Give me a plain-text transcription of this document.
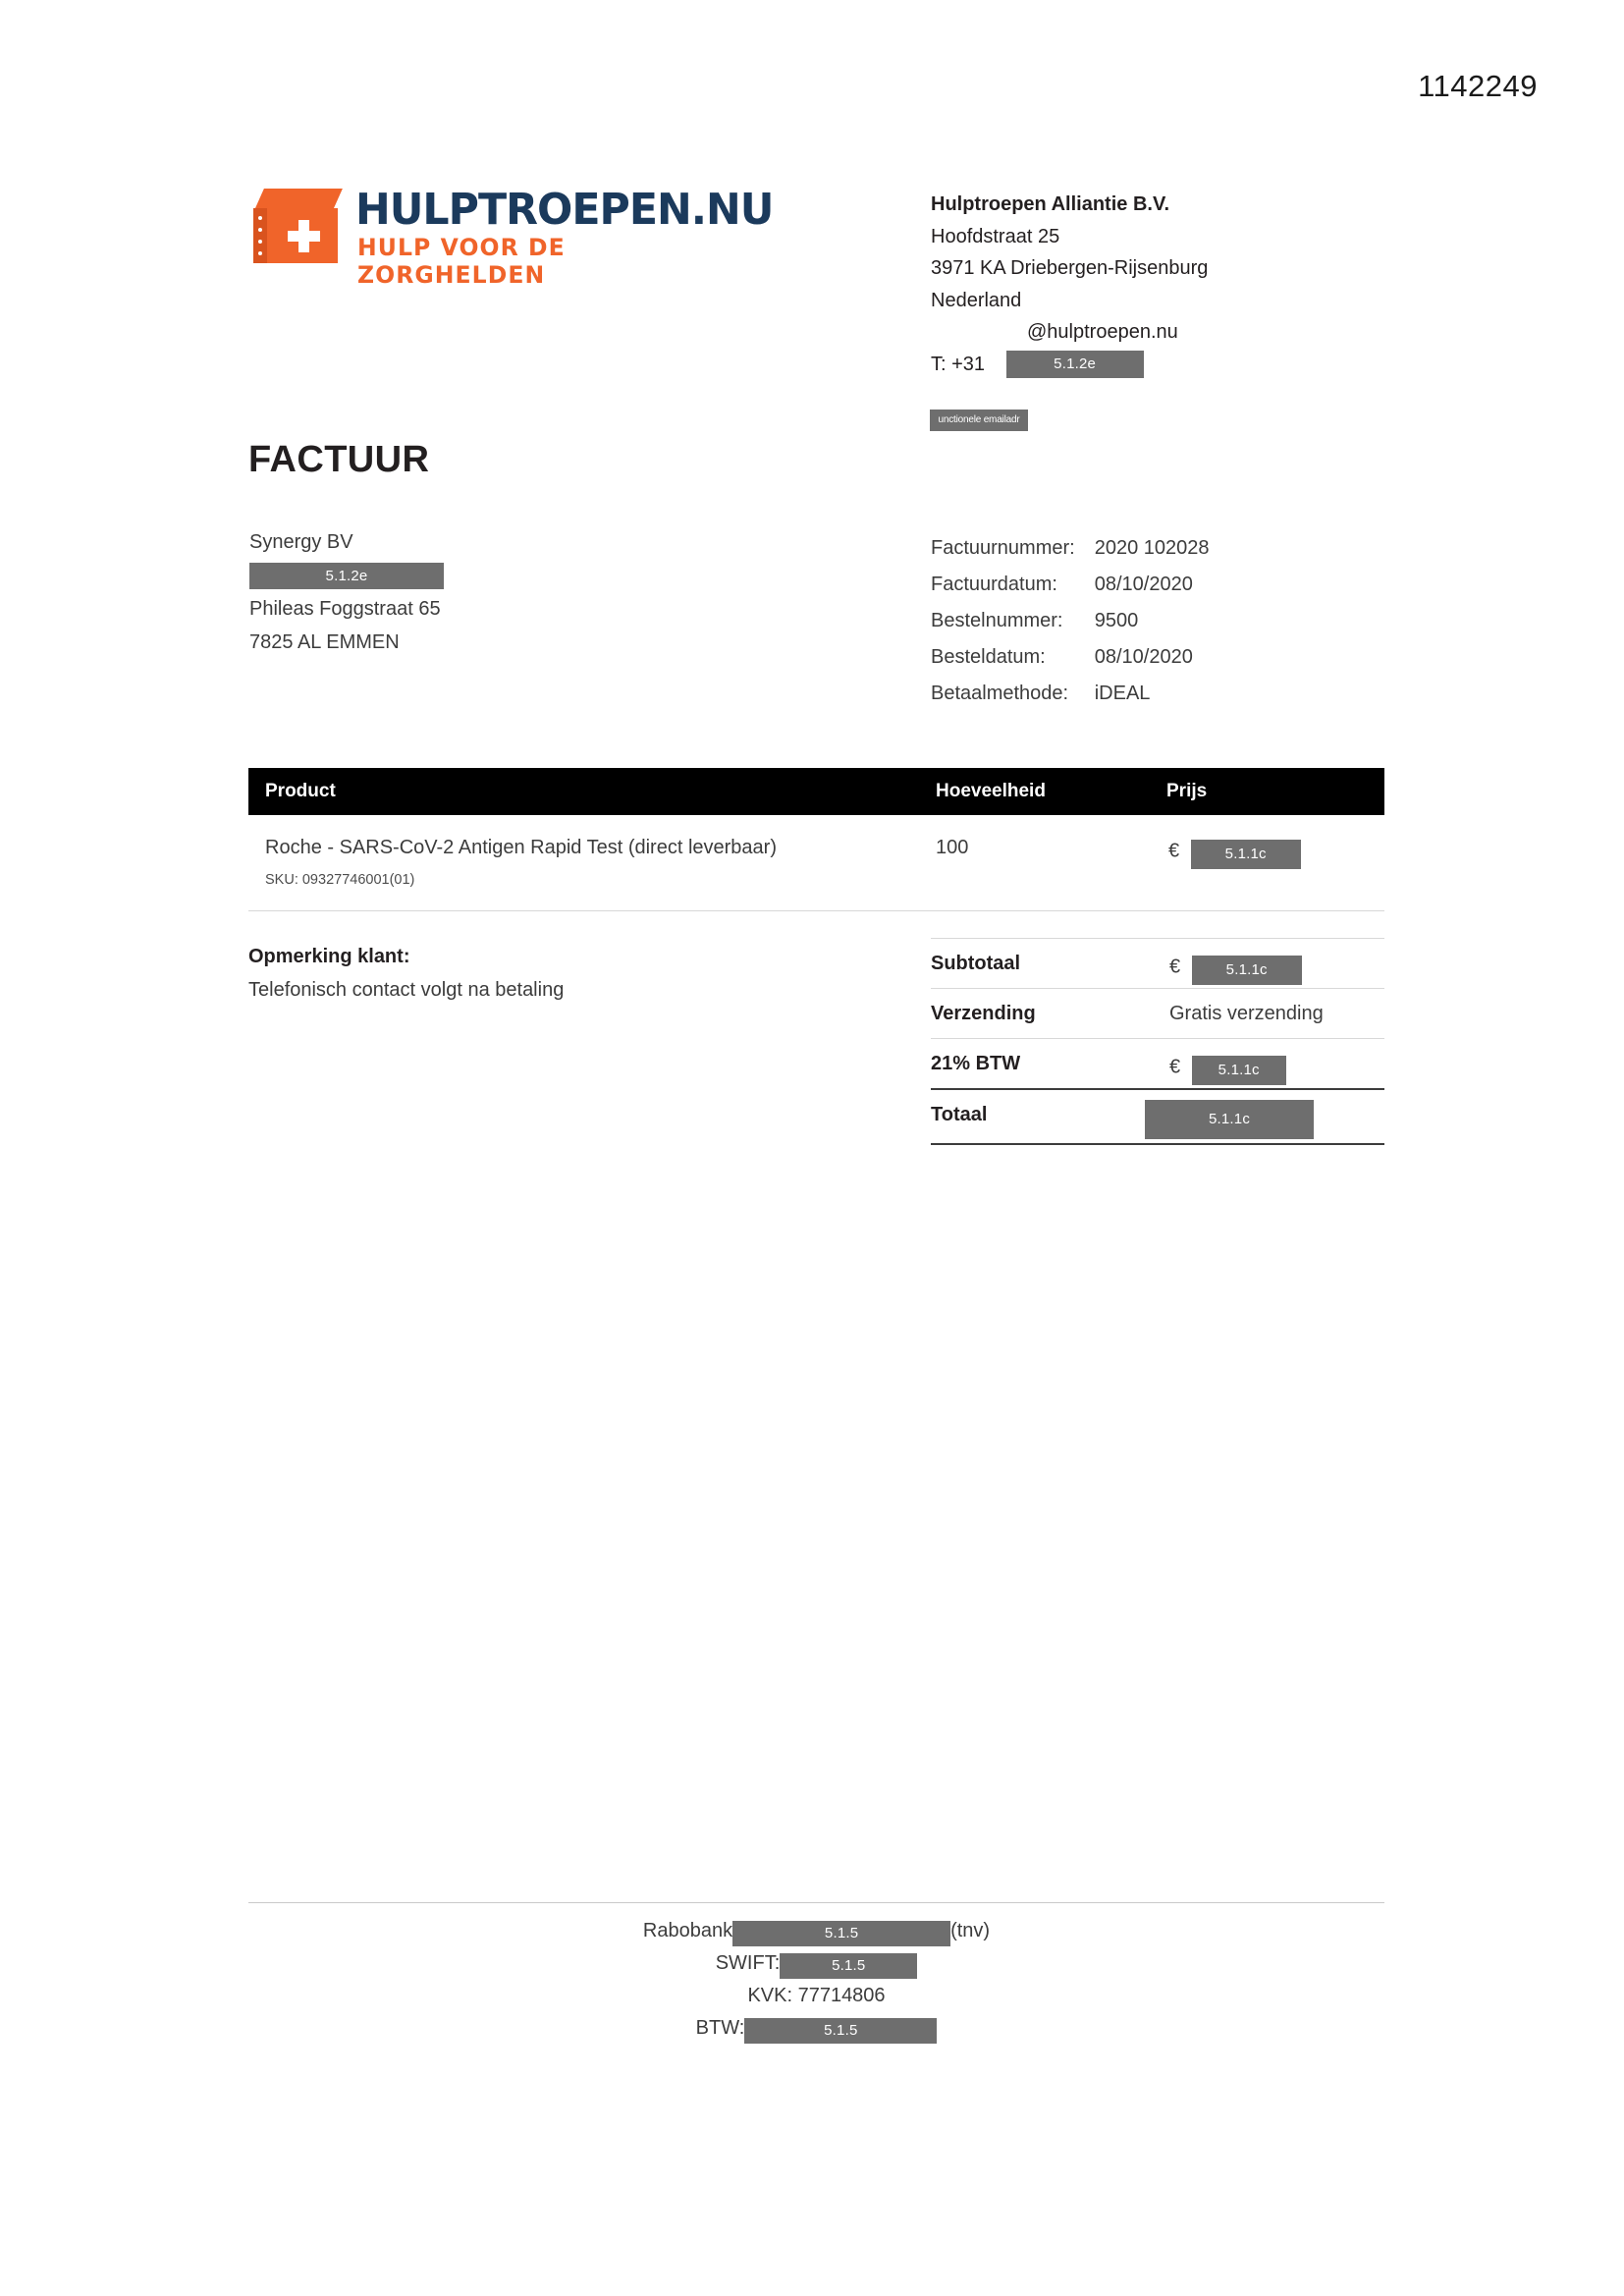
1142249
HULPTROEPEN.NU
HULP VOOR DE ZORGHELDEN
Hulptroepen Alliantie B.V.
Hoofdstraat 25
3971 KA Driebergen-Rijsenburg
Nederland
unctionele emailadr
@hulptroepen.nu
T: +31	5.1.2e
FACTUUR
Synergy BV
5.1.2e
Phileas Foggstraat 65
7825 AL EMMEN
Factuurnummer:	2020 102028
Factuurdatum:	08/10/2020
Bestelnummer:	9500
Besteldatum:	08/10/2020
Betaalmethode:	iDEAL
Product	Hoeveelheid	Prijs
Roche - SARS-CoV-2 Antigen Rapid Test (direct leverbaar)
SKU: 09327746001(01)
100	€	5.1.1c
Opmerking klant:
Telefonisch contact volgt na betaling
Subtotaal	€	5.1.1c
Verzending	Gratis verzending
21% BTW	€	5.1.1c
Totaal	5.1.1c
Rabobank	5.1.5	(tnv)
SWIFT:	5.1.5
KVK: 77714806
BTW:	5.1.5
